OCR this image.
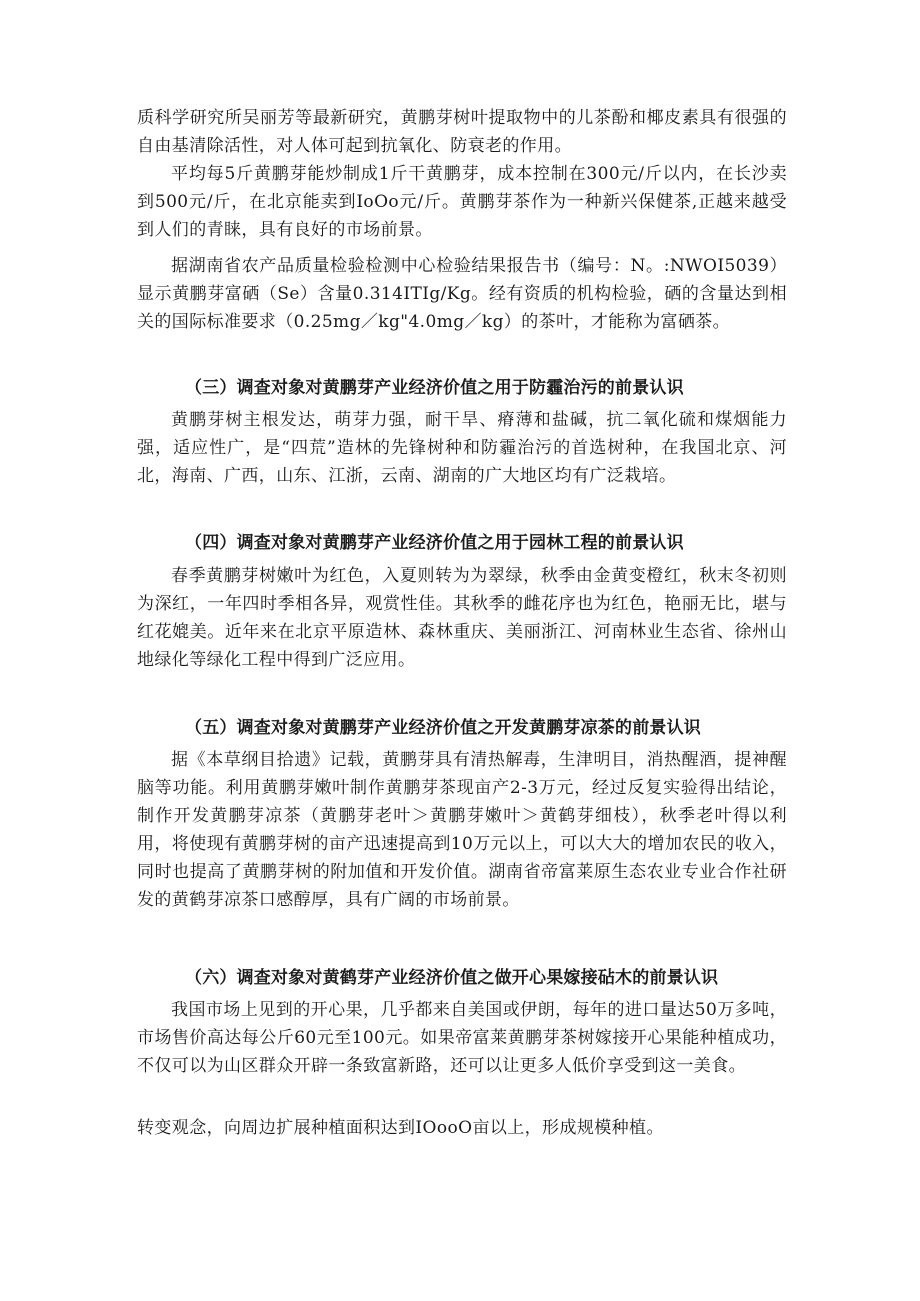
质科学研究所吴丽芳等最新研究，黄鹏芽树叶提取物中的儿茶酚和椰皮素具有很强的自由基清除活性，对人体可起到抗氧化、防衰老的作用。

平均每5斤黄鹏芽能炒制成1斤干黄鹏芽，成本控制在300元/斤以内，在长沙卖到500元/斤，在北京能卖到IoOo元/斤。黄鹏芽茶作为一种新兴保健茶,正越来越受到人们的青睐，具有良好的市场前景。

据湖南省农产品质量检验检测中心检验结果报告书（编号：N。:NWOI5039）显示黄鹏芽富硒（Se）含量0.314ITIg/Kg。经有资质的机构检验，硒的含量达到相关的国际标准要求（0.25mg／kg"4.0mg／kg）的茶叶，才能称为富硒茶。

（三）调查对象对黄鹏芽产业经济价值之用于防霾治污的前景认识

黄鹏芽树主根发达，萌芽力强，耐干旱、瘠薄和盐碱，抗二氧化硫和煤烟能力强，适应性广，是“四荒”造林的先锋树种和防霾治污的首选树种，在我国北京、河北，海南、广西，山东、江浙，云南、湖南的广大地区均有广泛栽培。

（四）调查对象对黄鹏芽产业经济价值之用于园林工程的前景认识

春季黄鹏芽树嫩叶为红色，入夏则转为为翠绿，秋季由金黄变橙红，秋末冬初则为深红，一年四时季相各异，观赏性佳。其秋季的雌花序也为红色，艳丽无比，堪与红花媲美。近年来在北京平原造林、森林重庆、美丽浙江、河南林业生态省、徐州山地绿化等绿化工程中得到广泛应用。

（五）调查对象对黄鹏芽产业经济价值之开发黄鹏芽凉茶的前景认识

据《本草纲目拾遗》记载，黄鹏芽具有清热解毒，生津明目，消热醒酒，提神醒脑等功能。利用黄鹏芽嫩叶制作黄鹏芽茶现亩产2-3万元，经过反复实验得出结论，制作开发黄鹏芽凉茶（黄鹏芽老叶＞黄鹏芽嫩叶＞黄鹤芽细枝），秋季老叶得以利用，将使现有黄鹏芽树的亩产迅速提高到10万元以上，可以大大的增加农民的收入，同时也提高了黄鹏芽树的附加值和开发价值。湖南省帝富莱原生态农业专业合作社研发的黄鹤芽凉茶口感醇厚，具有广阔的市场前景。

（六）调查对象对黄鹤芽产业经济价值之做开心果嫁接砧木的前景认识

我国市场上见到的开心果，几乎都来自美国或伊朗，每年的进口量达50万多吨，市场售价高达每公斤60元至100元。如果帝富莱黄鹏芽茶树嫁接开心果能种植成功，不仅可以为山区群众开辟一条致富新路，还可以让更多人低价享受到这一美食。

转变观念，向周边扩展种植面积达到IOooO亩以上，形成规模种植。
